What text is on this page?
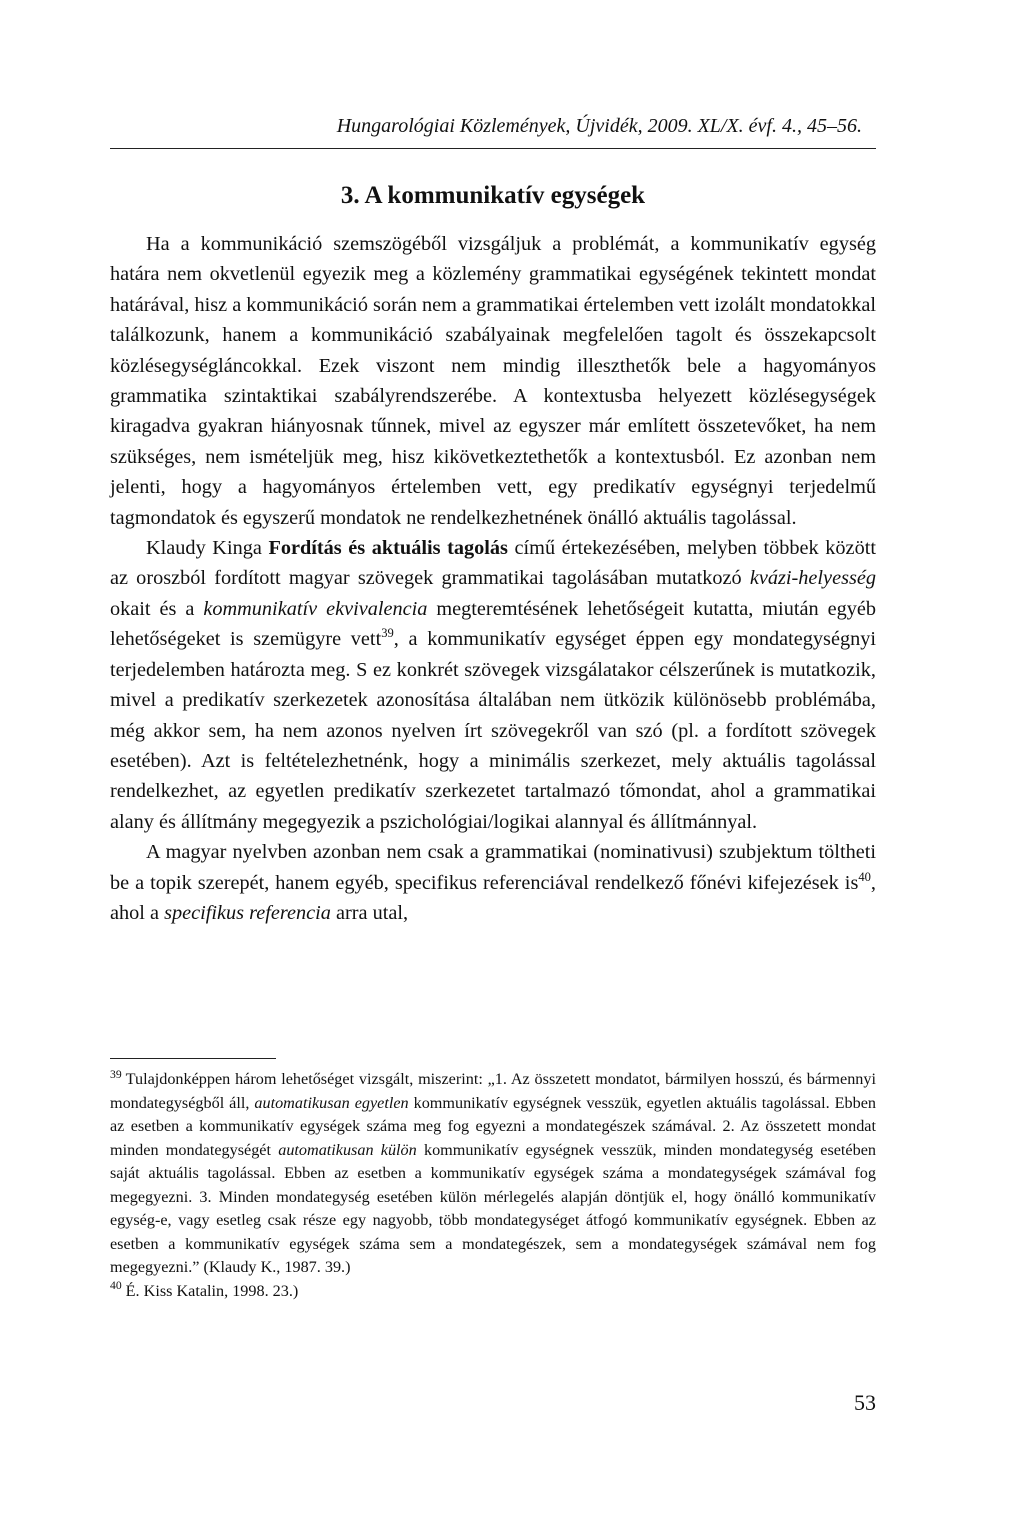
Hungarológiai Közlemények, Újvidék, 2009. XL/X. évf. 4., 45–56.
3. A kommunikatív egységek

Ha a kommunikáció szemszögéből vizsgáljuk a problémát, a kommunikatív egység határa nem okvetlenül egyezik meg a közlemény grammatikai egységének tekintett mondat határával, hisz a kommunikáció során nem a grammatikai értelemben vett izolált mondatokkal találkozunk, hanem a kommunikáció szabályainak megfelelően tagolt és összekapcsolt közlésegységláncokkal. Ezek viszont nem mindig illeszthetők bele a hagyományos grammatika szintaktikai szabályrendszerébe. A kontextusba helyezett közlésegységek kiragadva gyakran hiányosnak tűnnek, mivel az egyszer már említett összetevőket, ha nem szükséges, nem ismételjük meg, hisz kikövetkeztethetők a kontextusból. Ez azonban nem jelenti, hogy a hagyományos értelemben vett, egy predikatív egységnyi terjedelmű tagmondatok és egyszerű mondatok ne rendelkezhetnének önálló aktuális tagolással.

Klaudy Kinga Fordítás és aktuális tagolás című értekezésében, melyben többek között az oroszból fordított magyar szövegek grammatikai tagolásában mutatkozó kvázi-helyesség okait és a kommunikatív ekvivalencia megteremtésének lehetőségeit kutatta, miután egyéb lehetőségeket is szemügyre vett$^{39}$, a kommunikatív egységet éppen egy mondategységnyi terjedelemben határozta meg. S ez konkrét szövegek vizsgálatakor célszerűnek is mutatkozik, mivel a predikatív szerkezetek azonosítása általában nem ütközik különösebb problémába, még akkor sem, ha nem azonos nyelven írt szövegekről van szó (pl. a fordított szövegek esetében). Azt is feltételezhetnénk, hogy a minimális szerkezet, mely aktuális tagolással rendelkezhet, az egyetlen predikatív szerkezetet tartalmazó tőmondat, ahol a grammatikai alany és állítmány megegyezik a pszichológiai/logikai alannyal és állítmánnyal.

A magyar nyelvben azonban nem csak a grammatikai (nominativusi) szubjektum töltheti be a topik szerepét, hanem egyéb, specifikus referenciával rendelkező főnévi kifejezések $is^{40}$, ahol a specifikus referencia arra utal,

$^{39}$ Tulajdonképpen három lehetőséget vizsgált, miszerint: „1. Az összetett mondatot, bármilyen hosszú, és bármennyi mondategységből áll, automatikusan egyetlen kommunikatív egységnek vesszük, egyetlen aktuális tagolással. Ebben az esetben a kommunikatív egységek száma meg fog egyezni a mondategészek számával. 2. Az összetett mondat minden mondategységét automatikusan külön kommunikatív egységnek vesszük, minden mondategység esetében saját aktuális tagolással. Ebben az esetben a kommunikatív egységek száma a mondategységek számával fog megegyezni. 3. Minden mondategység esetében külön mérlegelés alapján döntjük el, hogy önálló kommunikatív egység-e, vagy esetleg csak része egy nagyobb, több mondategységet átfogó kommunikatív egységnek. Ebben az esetben a kommunikatív egységek száma sem a mondategészek, sem a mondategységek számával nem fog megegyezni.” (Klaudy K., 1987. 39.)

$^{40}$ É. Kiss Katalin, 1998. 23.)

53
